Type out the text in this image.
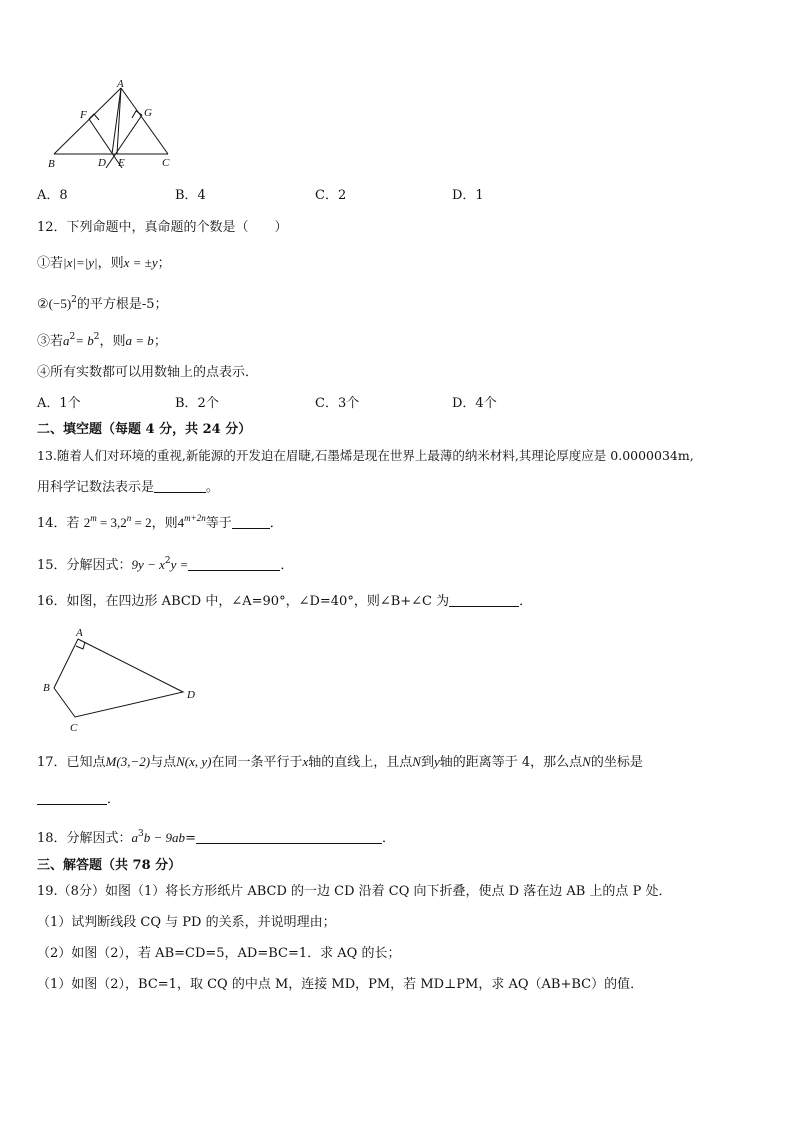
A
F	G
B	D E	C
A．8	B．4	C．2	D．1
12．下列命题中，真命题的个数是（　　）
①若|x|=|y|，则x = ±y；
$②(-5)^2$的平方根是-5；
③若$a^2= b^2$，则a = b；
④所有实数都可以用数轴上的点表示．
A．1个	B．2个	C．3个	D．4个
二、填空题（每题 4 分，共 24 分）
13.随着人们对环境的重视,新能源的开发迫在眉睫,石墨烯是现在世界上最薄的纳米材料,其理论厚度应是 0.0000034m,
用科学记数法表示是	。
14．若 $2^m = 3,2^n = 2$，则$4^{m+2n}$等于	．
15．分解因式：$9y - x^2y$ =	．
16．如图，在四边形 ABCD 中，∠A=90°，∠D=40°，则∠B+∠C 为	．
A
B
C
D
17．已知点M(3,−2)与点N(x, y)在同一条平行于x轴的直线上，且点N到y轴的距离等于 4，那么点N的坐标是
．
18．分解因式：$a^3b - 9ab=$	．
三、解答题（共 78 分）
19.（8分）如图（1）将长方形纸片 ABCD 的一边 CD 沿着 CQ 向下折叠，使点 D 落在边 AB 上的点 P 处．
（1）试判断线段 CQ 与 PD 的关系，并说明理由；
（2）如图（2），若 AB=CD=5，AD=BC=1．求 AQ 的长；
（1）如图（2），BC=1，取 CQ 的中点 M，连接 MD，PM，若 MD⊥PM，求 AQ（AB+BC）的值．
